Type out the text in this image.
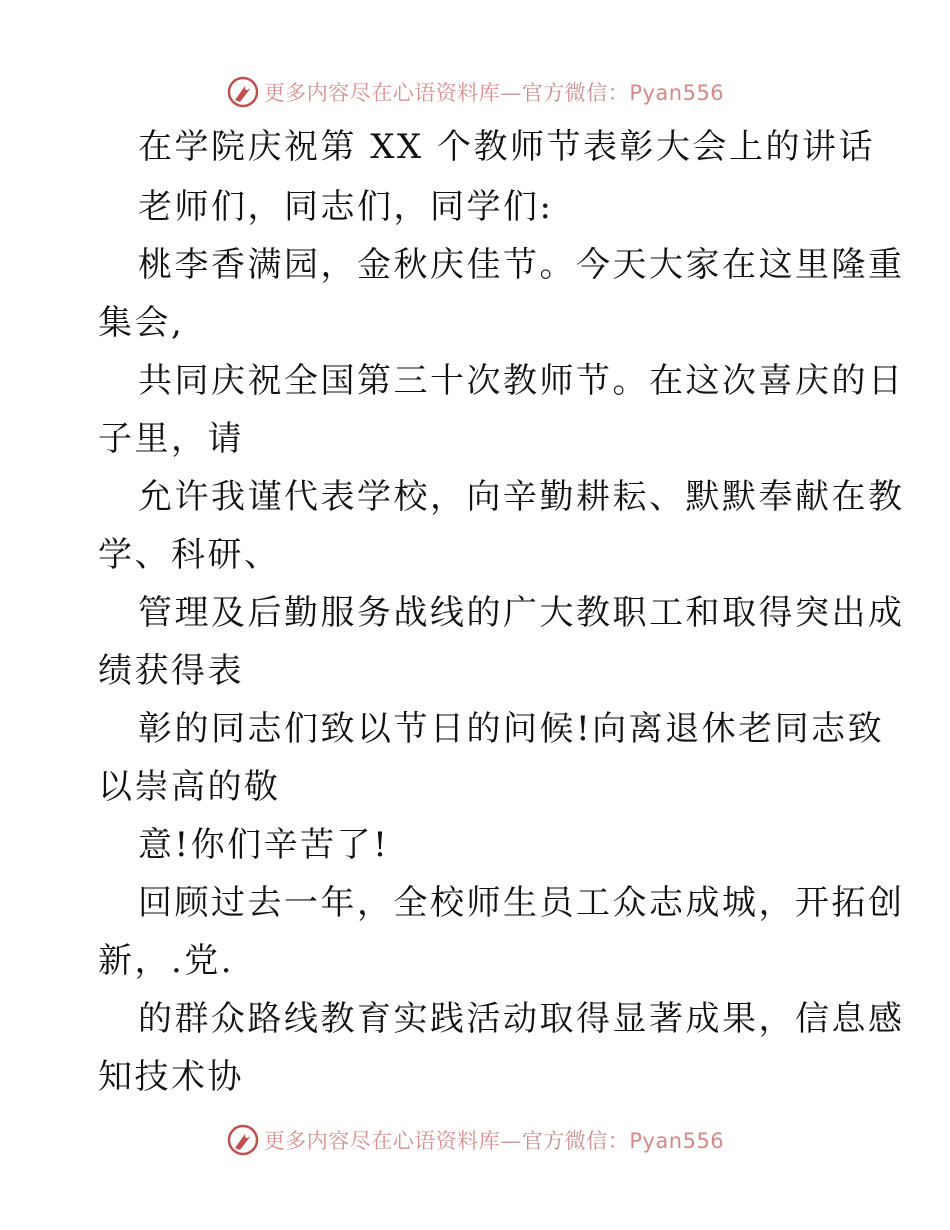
更多内容尽在心语资料库—官方微信：Pyan556
在学院庆祝第 XX 个教师节表彰大会上的讲话
老师们，同志们，同学们:
桃李香满园，金秋庆佳节。今天大家在这里隆重
集会,
共同庆祝全国第三十次教师节。在这次喜庆的日
子里，请
允许我谨代表学校，向辛勤耕耘、默默奉献在教
学、科研、
管理及后勤服务战线的广大教职工和取得突出成
绩获得表
彰的同志们致以节日的问候!向离退休老同志致
以崇高的敬
意!你们辛苦了!
回顾过去一年，全校师生员工众志成城，开拓创
新，.党.
的群众路线教育实践活动取得显著成果，信息感
知技术协
更多内容尽在心语资料库—官方微信：Pyan556
